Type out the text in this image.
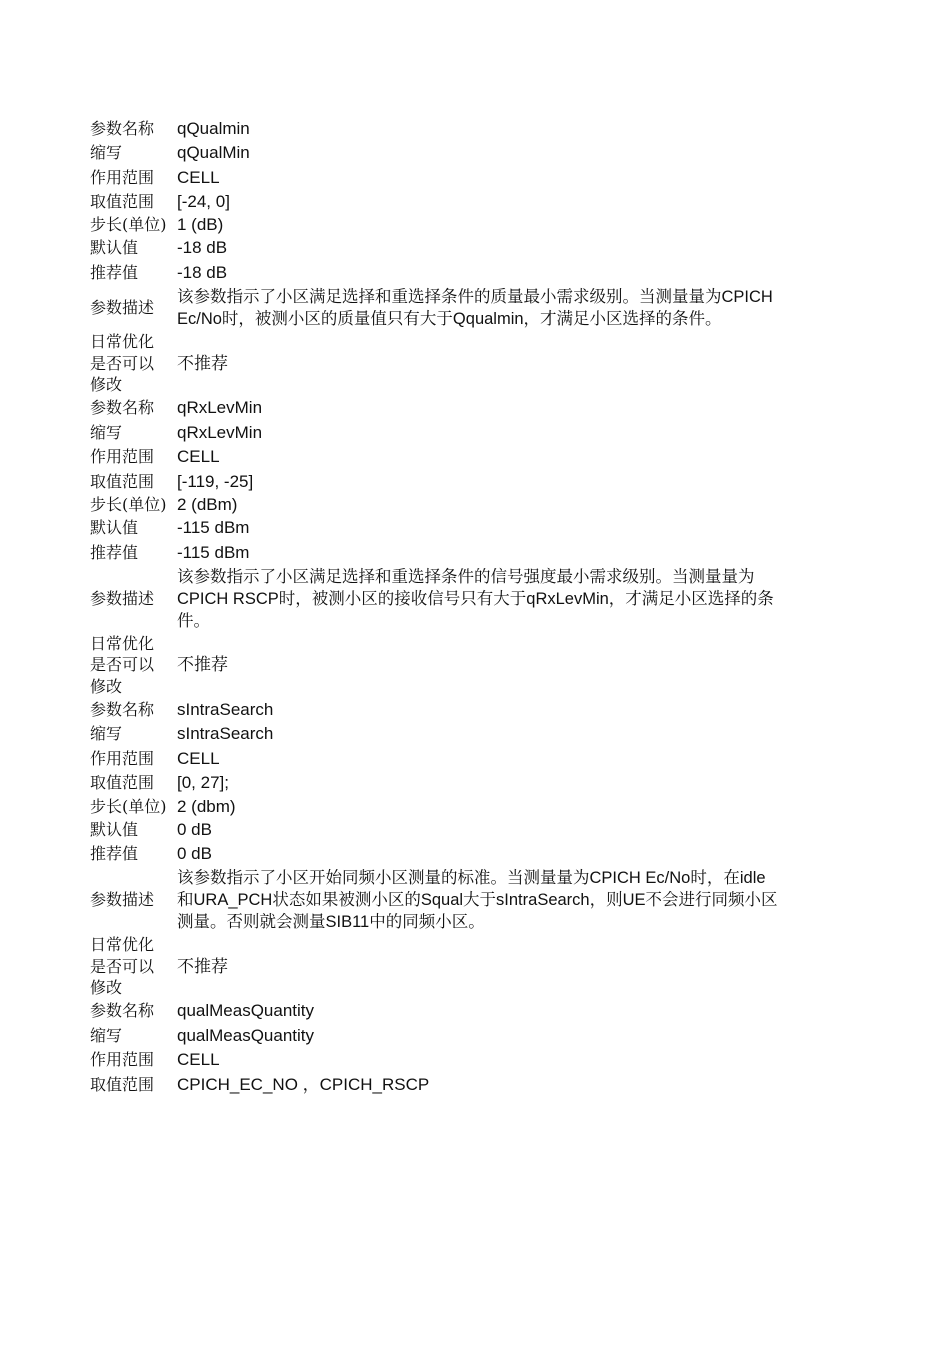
参数名称	qQualmin
缩写	qQualMin
作用范围	CELL
取值范围	[-24, 0]
步长(单位)	1 (dB)
默认值	-18 dB
推荐值	-18 dB
参数描述	该参数指示了小区满足选择和重选择条件的质量最小需求级别。当测量量为CPICH Ec/No时，被测小区的质量值只有大于Qqualmin，才满足小区选择的条件。
日常优化是否可以修改	不推荐
参数名称	qRxLevMin
缩写	qRxLevMin
作用范围	CELL
取值范围	[-119, -25]
步长(单位)	2 (dBm)
默认值	-115 dBm
推荐值	-115 dBm
参数描述	该参数指示了小区满足选择和重选择条件的信号强度最小需求级别。当测量量为CPICH RSCP时，被测小区的接收信号只有大于qRxLevMin，才满足小区选择的条件。
日常优化是否可以修改	不推荐
参数名称	sIntraSearch
缩写	sIntraSearch
作用范围	CELL
取值范围	[0, 27];
步长(单位)	2 (dbm)
默认值	0 dB
推荐值	0 dB
参数描述	该参数指示了小区开始同频小区测量的标准。当测量量为CPICH Ec/No时，在idle和URA_PCH状态如果被测小区的Squal大于sIntraSearch，则UE不会进行同频小区测量。否则就会测量SIB11中的同频小区。
日常优化是否可以修改	不推荐
参数名称	qualMeasQuantity
缩写	qualMeasQuantity
作用范围	CELL
取值范围	CPICH_EC_NO ，CPICH_RSCP
